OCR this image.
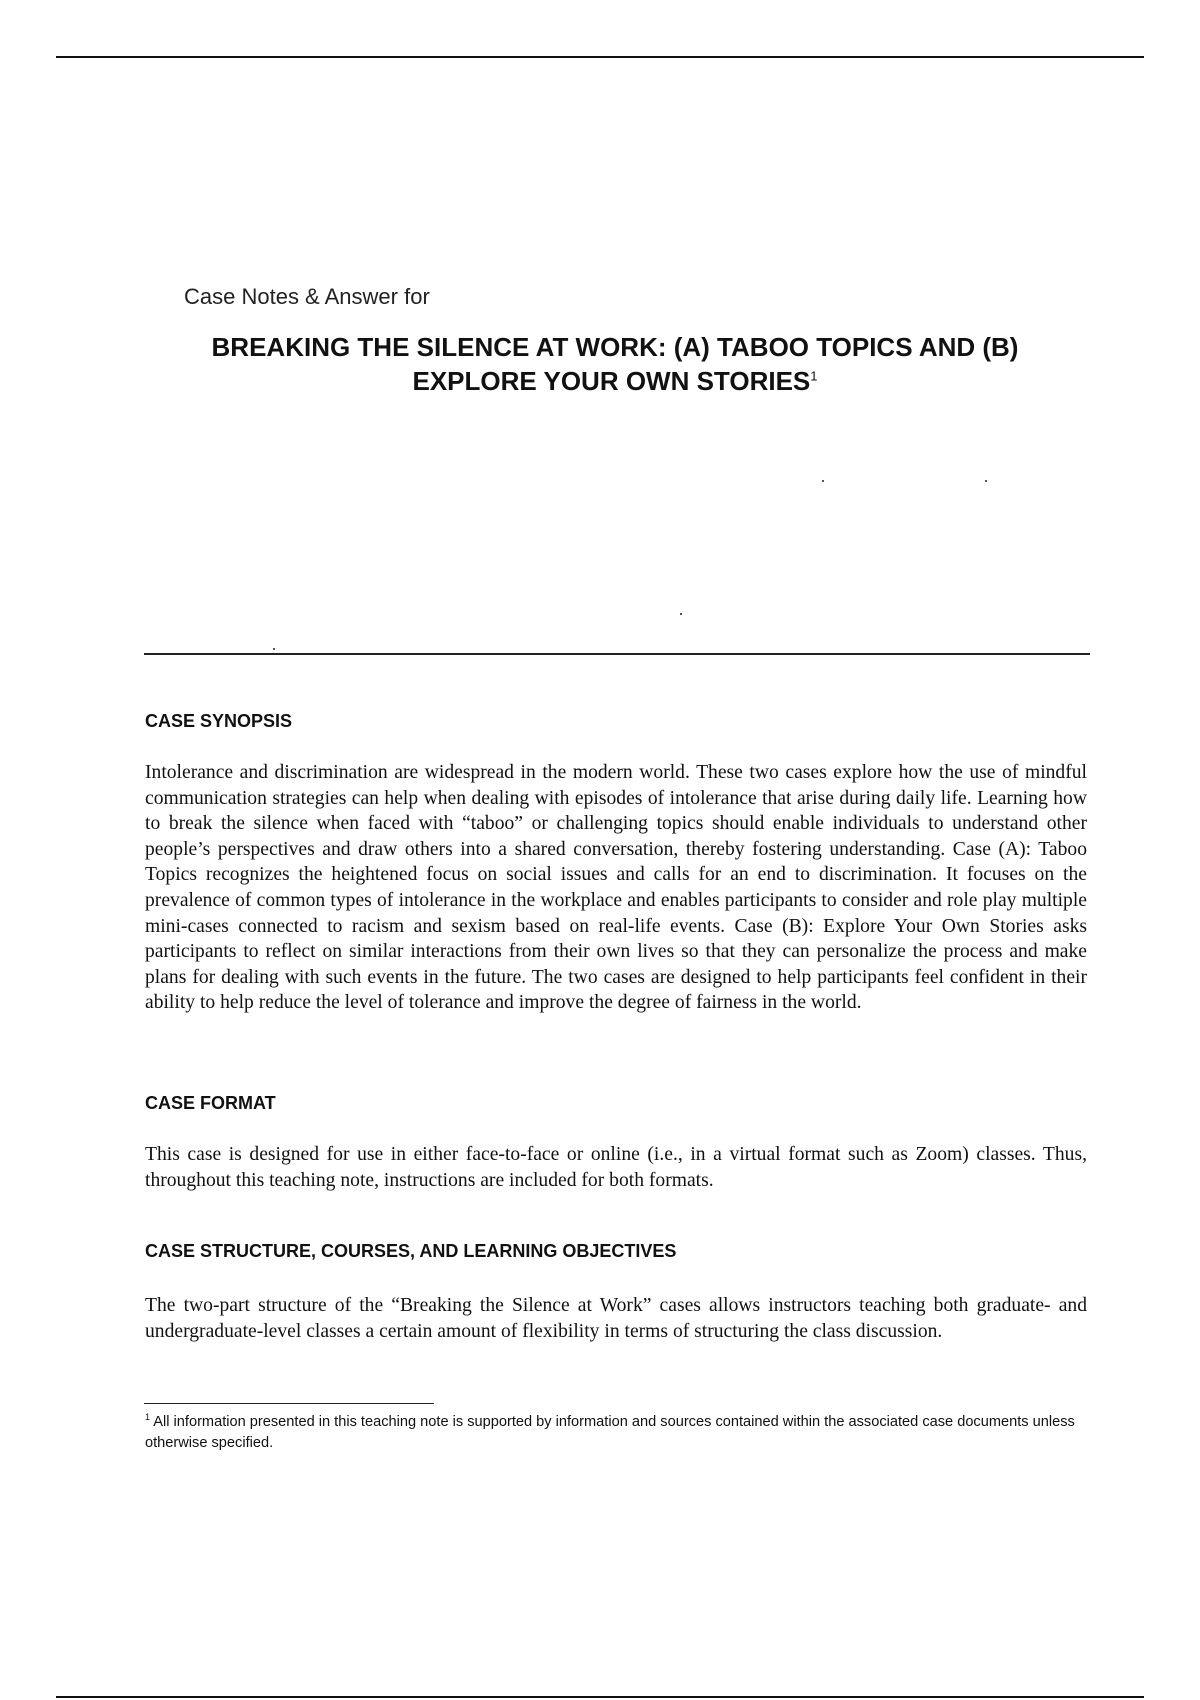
Case Notes & Answer for
BREAKING THE SILENCE AT WORK: (A) TABOO TOPICS AND (B)
EXPLORE YOUR OWN STORIES$^1$
CASE SYNOPSIS
Intolerance and discrimination are widespread in the modern world. These two cases explore how the use of mindful communication strategies can help when dealing with episodes of intolerance that arise during daily life. Learning how to break the silence when faced with “taboo” or challenging topics should enable individuals to understand other people’s perspectives and draw others into a shared conversation, thereby fostering understanding. Case (A): Taboo Topics recognizes the heightened focus on social issues and calls for an end to discrimination. It focuses on the prevalence of common types of intolerance in the workplace and enables participants to consider and role play multiple mini-cases connected to racism and sexism based on real-life events. Case (B): Explore Your Own Stories asks participants to reflect on similar interactions from their own lives so that they can personalize the process and make plans for dealing with such events in the future. The two cases are designed to help participants feel confident in their ability to help reduce the level of tolerance and improve the degree of fairness in the world.
CASE FORMAT
This case is designed for use in either face-to-face or online (i.e., in a virtual format such as Zoom) classes. Thus, throughout this teaching note, instructions are included for both formats.
CASE STRUCTURE, COURSES, AND LEARNING OBJECTIVES
The two-part structure of the “Breaking the Silence at Work” cases allows instructors teaching both graduate- and undergraduate-level classes a certain amount of flexibility in terms of structuring the class discussion.
$^1$ All information presented in this teaching note is supported by information and sources contained within the associated case documents unless otherwise specified.
